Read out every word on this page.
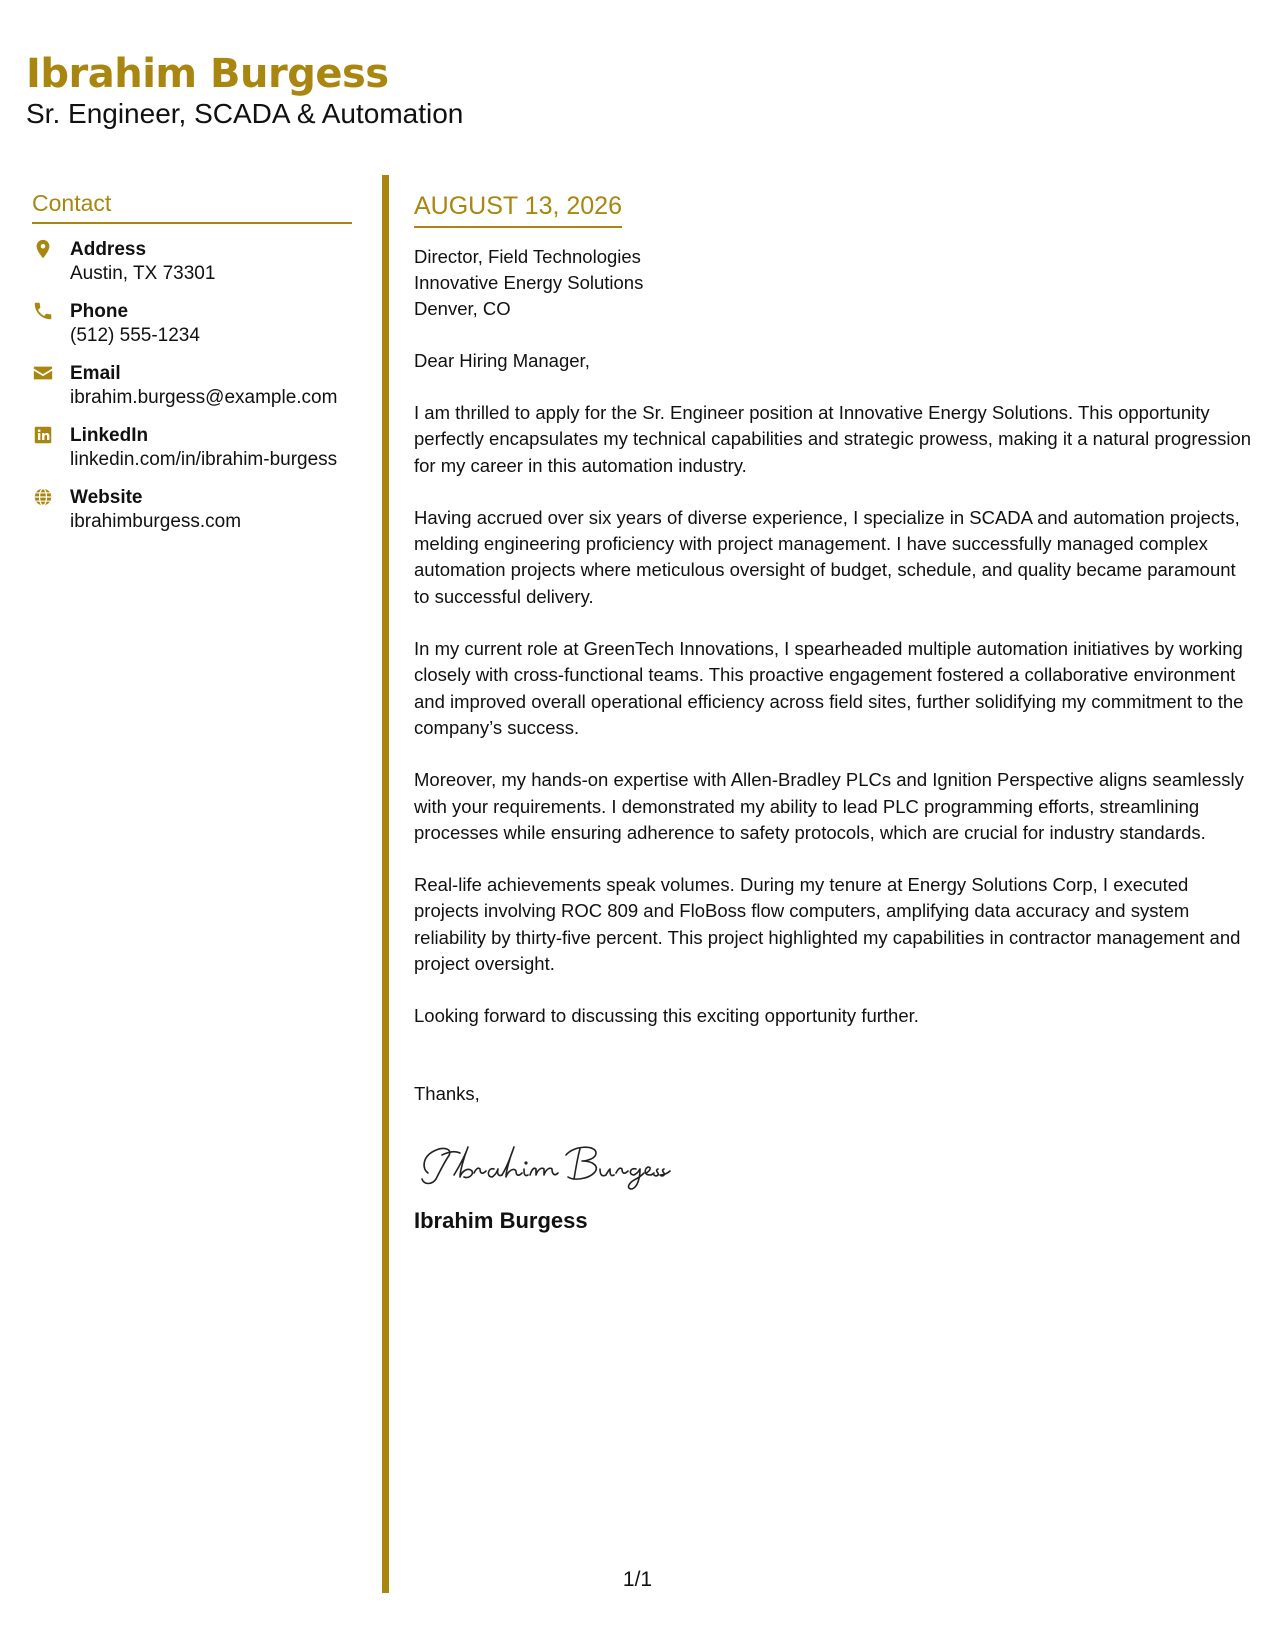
Ibrahim Burgess
Sr. Engineer, SCADA & Automation
Contact
Address
Austin, TX 73301
Phone
(512) 555-1234
Email
ibrahim.burgess@example.com
LinkedIn
linkedin.com/in/ibrahim-burgess
Website
ibrahimburgess.com
AUGUST 13, 2026
Director, Field Technologies
Innovative Energy Solutions
Denver, CO
Dear Hiring Manager,
I am thrilled to apply for the Sr. Engineer position at Innovative Energy Solutions. This opportunity perfectly encapsulates my technical capabilities and strategic prowess, making it a natural progression for my career in this automation industry.
Having accrued over six years of diverse experience, I specialize in SCADA and automation projects, melding engineering proficiency with project management. I have successfully managed complex automation projects where meticulous oversight of budget, schedule, and quality became paramount to successful delivery.
In my current role at GreenTech Innovations, I spearheaded multiple automation initiatives by working closely with cross-functional teams. This proactive engagement fostered a collaborative environment and improved overall operational efficiency across field sites, further solidifying my commitment to the company’s success.
Moreover, my hands-on expertise with Allen-Bradley PLCs and Ignition Perspective aligns seamlessly with your requirements. I demonstrated my ability to lead PLC programming efforts, streamlining processes while ensuring adherence to safety protocols, which are crucial for industry standards.
Real-life achievements speak volumes. During my tenure at Energy Solutions Corp, I executed projects involving ROC 809 and FloBoss flow computers, amplifying data accuracy and system reliability by thirty-five percent. This project highlighted my capabilities in contractor management and project oversight.
Looking forward to discussing this exciting opportunity further.
Thanks,
Ibrahim Burgess
1/1
